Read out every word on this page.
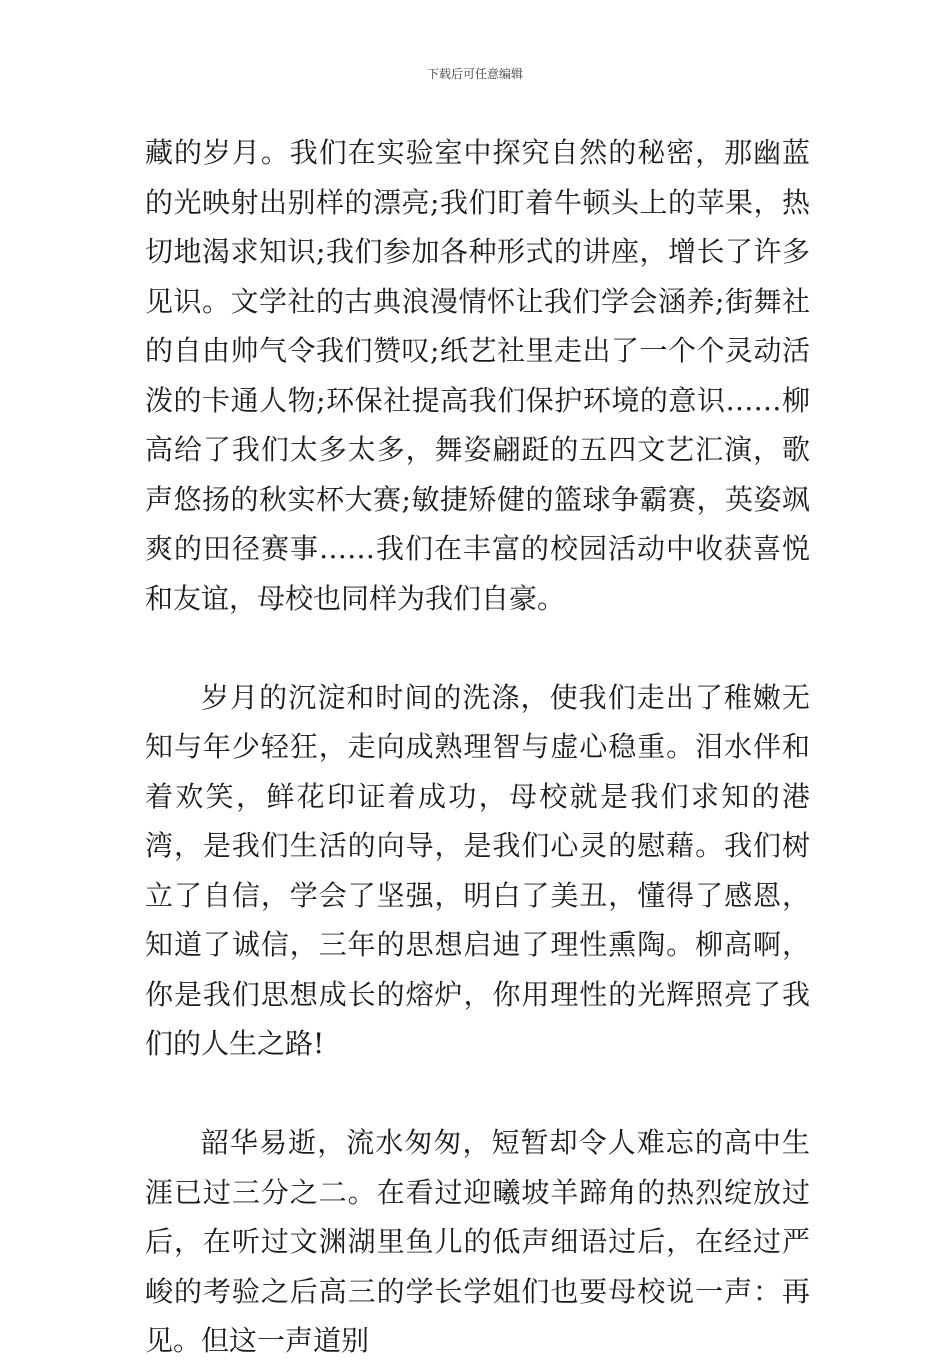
下载后可任意编辑

藏的岁月。我们在实验室中探究自然的秘密，那幽蓝的光映射出别样的漂亮;我们盯着牛顿头上的苹果，热切地渴求知识;我们参加各种形式的讲座，增长了许多见识。文学社的古典浪漫情怀让我们学会涵养;街舞社的自由帅气令我们赞叹;纸艺社里走出了一个个灵动活泼的卡通人物;环保社提高我们保护环境的意识……柳高给了我们太多太多，舞姿翩跹的五四文艺汇演，歌声悠扬的秋实杯大赛;敏捷矫健的篮球争霸赛，英姿飒爽的田径赛事……我们在丰富的校园活动中收获喜悦和友谊，母校也同样为我们自豪。

岁月的沉淀和时间的洗涤，使我们走出了稚嫩无知与年少轻狂，走向成熟理智与虚心稳重。泪水伴和着欢笑，鲜花印证着成功，母校就是我们求知的港湾，是我们生活的向导，是我们心灵的慰藉。我们树立了自信，学会了坚强，明白了美丑，懂得了感恩，知道了诚信，三年的思想启迪了理性熏陶。柳高啊，你是我们思想成长的熔炉，你用理性的光辉照亮了我们的人生之路!

韶华易逝，流水匆匆，短暂却令人难忘的高中生涯已过三分之二。在看过迎曦坡羊蹄角的热烈绽放过后，在听过文渊湖里鱼儿的低声细语过后，在经过严峻的考验之后高三的学长学姐们也要母校说一声：再见。但这一声道别
